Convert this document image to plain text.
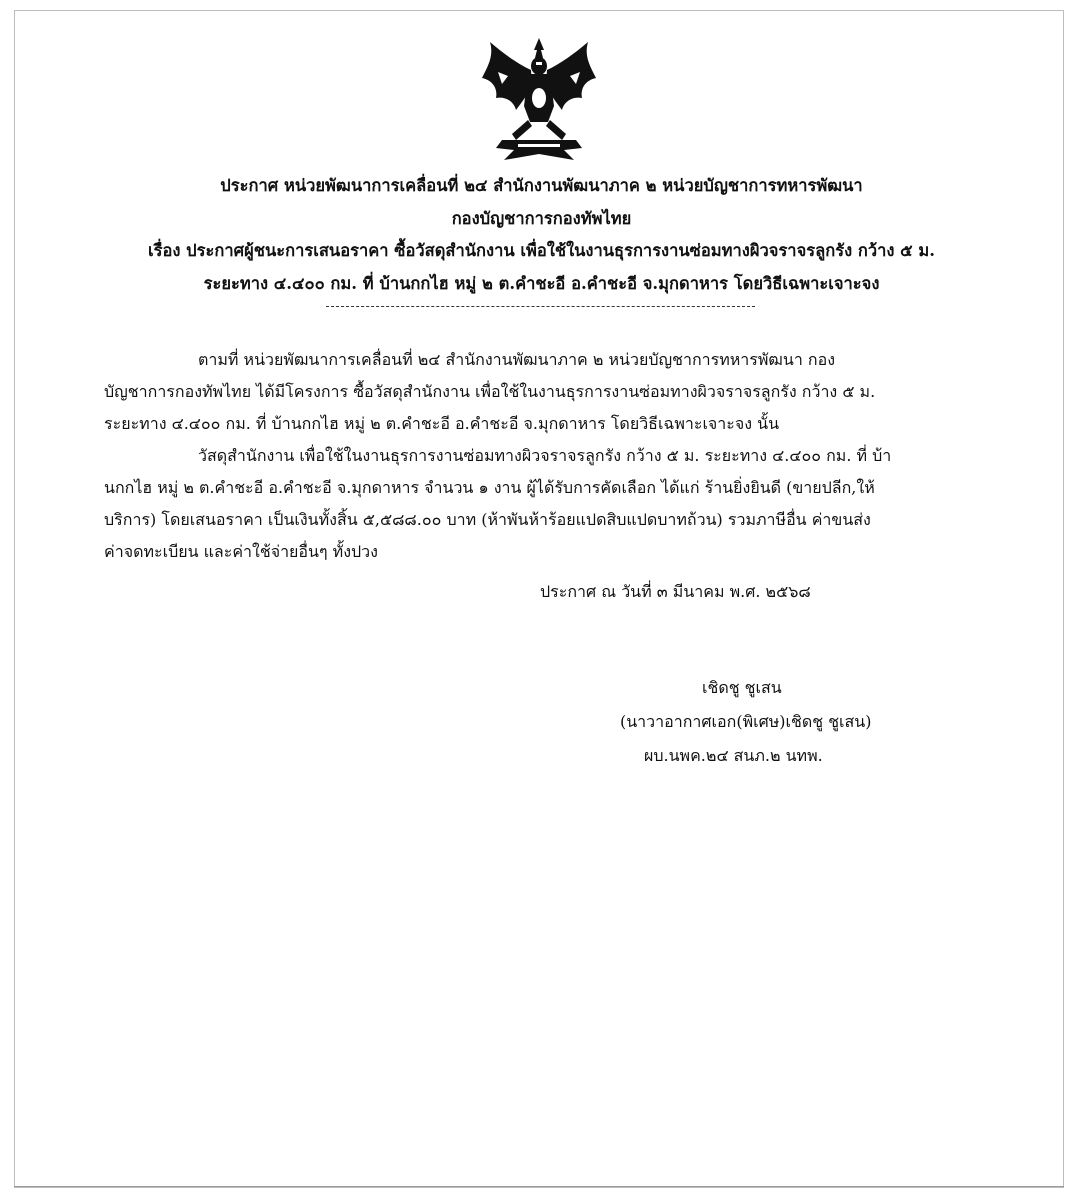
ประกาศ หน่วยพัฒนาการเคลื่อนที่ ๒๔ สำนักงานพัฒนาภาค ๒ หน่วยบัญชาการทหารพัฒนา
กองบัญชาการกองทัพไทย
เรื่อง ประกาศผู้ชนะการเสนอราคา ซื้อวัสดุสำนักงาน เพื่อใช้ในงานธุรการงานซ่อมทางผิวจราจรลูกรัง กว้าง ๕ ม.
ระยะทาง ๔.๔๐๐ กม. ที่ บ้านกกไฮ หมู่ ๒ ต.คำชะอี อ.คำชะอี จ.มุกดาหาร โดยวิธีเฉพาะเจาะจง
ตามที่ หน่วยพัฒนาการเคลื่อนที่ ๒๔ สำนักงานพัฒนาภาค ๒ หน่วยบัญชาการทหารพัฒนา กอง
บัญชาการกองทัพไทย ได้มีโครงการ ซื้อวัสดุสำนักงาน เพื่อใช้ในงานธุรการงานซ่อมทางผิวจราจรลูกรัง กว้าง ๕ ม.
ระยะทาง ๔.๔๐๐ กม. ที่ บ้านกกไฮ หมู่ ๒ ต.คำชะอี อ.คำชะอี จ.มุกดาหาร โดยวิธีเฉพาะเจาะจง นั้น
วัสดุสำนักงาน เพื่อใช้ในงานธุรการงานซ่อมทางผิวจราจรลูกรัง กว้าง ๕ ม. ระยะทาง ๔.๔๐๐ กม. ที่ บ้า
นกกไฮ หมู่ ๒ ต.คำชะอี อ.คำชะอี จ.มุกดาหาร จำนวน ๑ งาน ผู้ได้รับการคัดเลือก ได้แก่ ร้านยิ่งยินดี (ขายปลีก,ให้
บริการ) โดยเสนอราคา เป็นเงินทั้งสิ้น ๕,๕๘๘.๐๐ บาท (ห้าพันห้าร้อยแปดสิบแปดบาทถ้วน) รวมภาษีอื่น ค่าขนส่ง
ค่าจดทะเบียน และค่าใช้จ่ายอื่นๆ ทั้งปวง
ประกาศ ณ วันที่ ๓ มีนาคม พ.ศ. ๒๕๖๘
เชิดชู ชูเสน
(นาวาอากาศเอก(พิเศษ)เชิดชู ชูเสน)
ผบ.นพค.๒๔ สนภ.๒ นทพ.
